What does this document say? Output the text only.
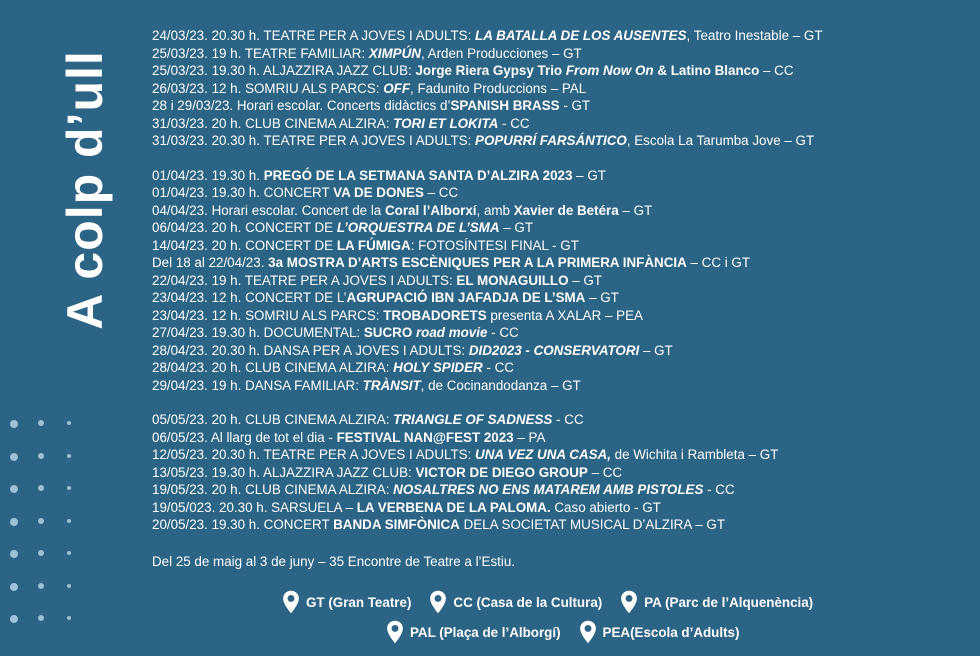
A colp d’ull
24/03/23. 20.30 h. TEATRE PER A JOVES I ADULTS: LA BATALLA DE LOS AUSENTES, Teatro Inestable – GT
25/03/23. 19 h. TEATRE FAMILIAR: XIMPÚN, Arden Producciones – GT
25/03/23. 19.30 h. ALJAZZIRA JAZZ CLUB: Jorge Riera Gypsy Trio From Now On & Latino Blanco – CC
26/03/23. 12 h. SOMRIU ALS PARCS: OFF, Fadunito Produccions – PAL
28 i 29/03/23. Horari escolar. Concerts didàctics d’SPANISH BRASS - GT
31/03/23. 20 h. CLUB CINEMA ALZIRA: TORI ET LOKITA - CC
31/03/23. 20.30 h. TEATRE PER A JOVES I ADULTS: POPURRÍ FARSÁNTICO, Escola La Tarumba Jove – GT
01/04/23. 19.30 h. PREGÓ DE LA SETMANA SANTA D’ALZIRA 2023 – GT
01/04/23. 19.30 h. CONCERT VA DE DONES – CC
04/04/23. Horari escolar. Concert de la Coral l’Alborxí, amb Xavier de Betéra – GT
06/04/23. 20 h. CONCERT DE L’ORQUESTRA DE L’SMA – GT
14/04/23. 20 h. CONCERT DE LA FÚMIGA: FOTOSÍNTESI FINAL - GT
Del 18 al 22/04/23. 3a MOSTRA D’ARTS ESCÈNIQUES PER A LA PRIMERA INFÀNCIA – CC i GT
22/04/23. 19 h. TEATRE PER A JOVES I ADULTS: EL MONAGUILLO – GT
23/04/23. 12 h. CONCERT DE L’AGRUPACIÓ IBN JAFADJA DE L’SMA – GT
23/04/23. 12 h. SOMRIU ALS PARCS: TROBADORETS presenta A XALAR – PEA
27/04/23. 19.30 h. DOCUMENTAL: SUCRO road movie - CC
28/04/23. 20.30 h. DANSA PER A JOVES I ADULTS: DID2023 - CONSERVATORI – GT
28/04/23. 20 h. CLUB CINEMA ALZIRA: HOLY SPIDER - CC
29/04/23. 19 h. DANSA FAMILIAR: TRÀNSIT, de Cocinandodanza – GT
05/05/23. 20 h. CLUB CINEMA ALZIRA: TRIANGLE OF SADNESS - CC
06/05/23. Al llarg de tot el dia - FESTIVAL NAN@FEST 2023 – PA
12/05/23. 20.30 h. TEATRE PER A JOVES I ADULTS: UNA VEZ UNA CASA, de Wichita i Rambleta – GT
13/05/23. 19.30 h. ALJAZZIRA JAZZ CLUB: VICTOR DE DIEGO GROUP – CC
19/05/23. 20 h. CLUB CINEMA ALZIRA: NOSALTRES NO ENS MATAREM AMB PISTOLES - CC
19/05/023. 20.30 h. SARSUELA – LA VERBENA DE LA PALOMA. Caso abierto - GT
20/05/23. 19.30 h. CONCERT BANDA SIMFÒNICA DELA SOCIETAT MUSICAL D’ALZIRA – GT
Del 25 de maig al 3 de juny – 35 Encontre de Teatre a l’Estiu.
GT (Gran Teatre)	CC (Casa de la Cultura)	PA (Parc de l’Alquenència)
PAL (Plaça de l’Alborgí)	PEA(Escola d’Adults)
